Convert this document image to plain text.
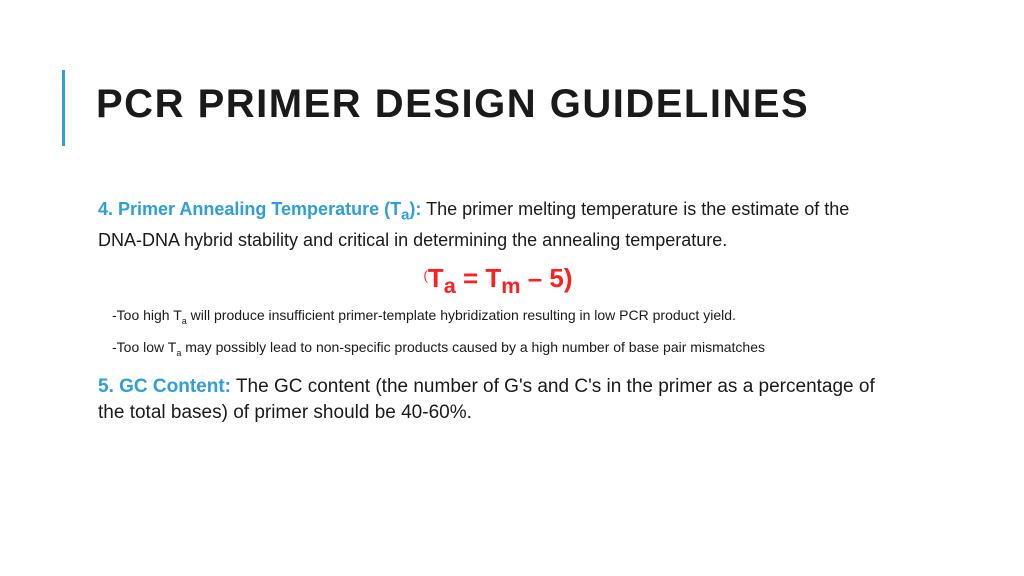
PCR PRIMER DESIGN GUIDELINES

4. Primer Annealing Temperature $(T_a)$: The primer melting temperature is the estimate of the DNA-DNA hybrid stability and critical in determining the annealing temperature.

$^(T_a = T_m - 5$)

-Too high $T_a$ will produce insufficient primer-template hybridization resulting in low PCR product yield.

-Too low $T_a$ may possibly lead to non-specific products caused by a high number of base pair mismatches

5. GC Content: The GC content (the number of G's and C's in the primer as a percentage of the total bases) of primer should be 40-60%.
